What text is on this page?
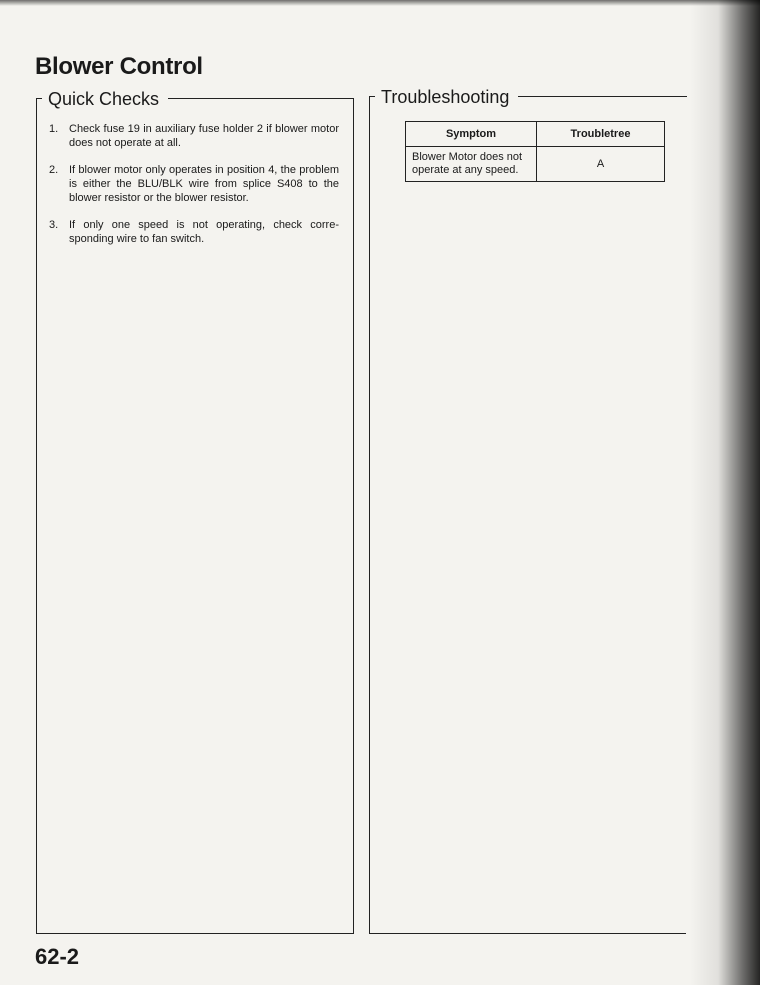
Blower Control
Quick Checks
1. Check fuse 19 in auxiliary fuse holder 2 if blower motor does not operate at all.
2. If blower motor only operates in position 4, the problem is either the BLU/BLK wire from splice S408 to the blower resistor or the blower resistor.
3. If only one speed is not operating, check corre-sponding wire to fan switch.
Troubleshooting
Symptom	Troubletree
Blower Motor does not operate at any speed.	A

62-2
